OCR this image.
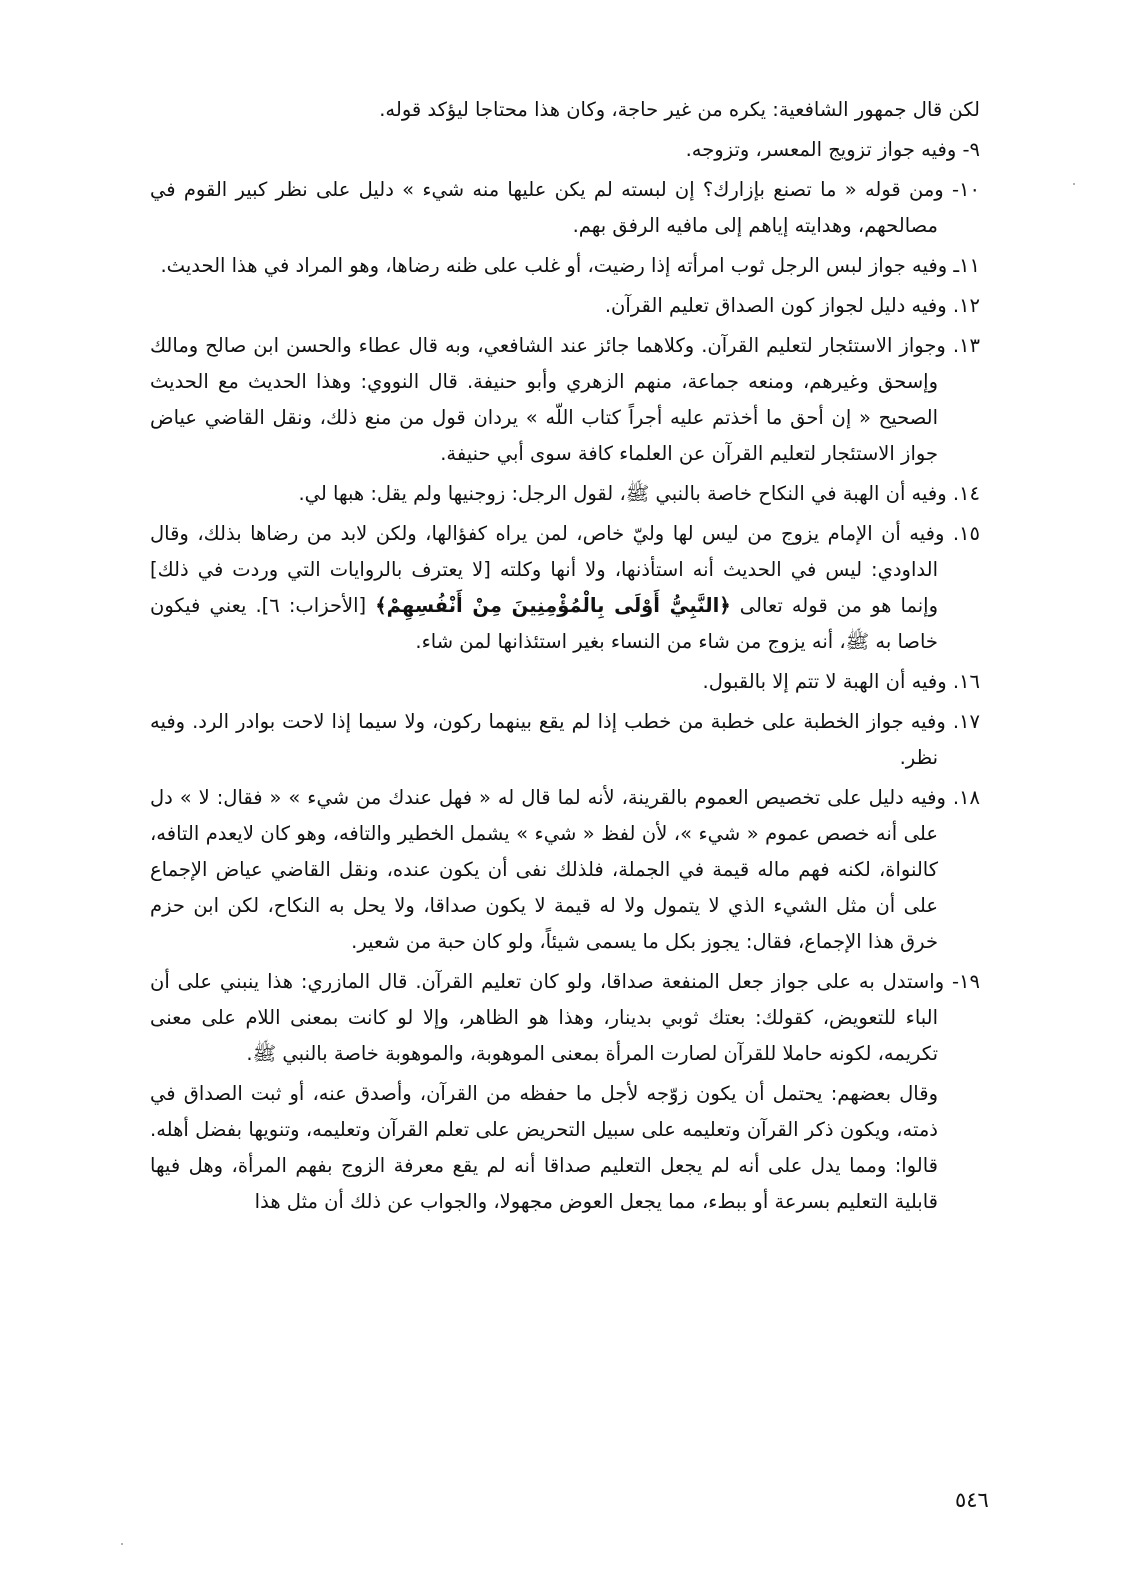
لكن قال جمهور الشافعية: يكره من غير حاجة، وكان هذا محتاجا ليؤكد قوله.

٩- وفيه جواز تزويج المعسر، وتزوجه.

١٠- ومن قوله « ما تصنع بإزارك؟ إن لبسته لم يكن عليها منه شيء » دليل على نظر كبير القوم في مصالحهم، وهدايته إياهم إلى مافيه الرفق بهم.

١١ـ وفيه جواز لبس الرجل ثوب امرأته إذا رضيت، أو غلب على ظنه رضاها، وهو المراد في هذا الحديث.

١٢. وفيه دليل لجواز كون الصداق تعليم القرآن.

١٣. وجواز الاستئجار لتعليم القرآن. وكلاهما جائز عند الشافعي، وبه قال عطاء والحسن ابن صالح ومالك وإسحق وغيرهم، ومنعه جماعة، منهم الزهري وأبو حنيفة. قال النووي: وهذا الحديث مع الحديث الصحيح « إن أحق ما أخذتم عليه أجراً كتاب اللّه » يردان قول من منع ذلك، ونقل القاضي عياض جواز الاستئجار لتعليم القرآن عن العلماء كافة سوى أبي حنيفة.

١٤. وفيه أن الهبة في النكاح خاصة بالنبي ﷺ، لقول الرجل: زوجنيها ولم يقل: هبها لي.

١٥. وفيه أن الإمام يزوج من ليس لها وليّ خاص، لمن يراه كفؤالها، ولكن لابد من رضاها بذلك، وقال الداودي: ليس في الحديث أنه استأذنها، ولا أنها وكلته [لا يعترف بالروايات التي وردت في ذلك] وإنما هو من قوله تعالى ﴿النَّبِيُّ أَوْلَى بِالْمُؤْمِنِينَ مِنْ أَنْفُسِهِمْ﴾ [الأحزاب: ٦]. يعني فيكون خاصا به ﷺ، أنه يزوج من شاء من النساء بغير استئذانها لمن شاء.

١٦. وفيه أن الهبة لا تتم إلا بالقبول.

١٧. وفيه جواز الخطبة على خطبة من خطب إذا لم يقع بينهما ركون، ولا سيما إذا لاحت بوادر الرد. وفيه نظر.

١٨. وفيه دليل على تخصيص العموم بالقرينة، لأنه لما قال له « فهل عندك من شيء » « فقال: لا » دل على أنه خصص عموم « شيء »، لأن لفظ « شيء » يشمل الخطير والتافه، وهو كان لايعدم التافه، كالنواة، لكنه فهم ماله قيمة في الجملة، فلذلك نفى أن يكون عنده، ونقل القاضي عياض الإجماع على أن مثل الشيء الذي لا يتمول ولا له قيمة لا يكون صداقا، ولا يحل به النكاح، لكن ابن حزم خرق هذا الإجماع، فقال: يجوز بكل ما يسمى شيئاً، ولو كان حبة من شعير.

١٩- واستدل به على جواز جعل المنفعة صداقا، ولو كان تعليم القرآن. قال المازري: هذا ينبني على أن الباء للتعويض، كقولك: بعتك ثوبي بدينار، وهذا هو الظاهر، وإلا لو كانت بمعنى اللام على معنى تكريمه، لكونه حاملا للقرآن لصارت المرأة بمعنى الموهوبة، والموهوبة خاصة بالنبي ﷺ.

وقال بعضهم: يحتمل أن يكون زوّجه لأجل ما حفظه من القرآن، وأصدق عنه، أو ثبت الصداق في ذمته، ويكون ذكر القرآن وتعليمه على سبيل التحريض على تعلم القرآن وتعليمه، وتنويها بفضل أهله. قالوا: ومما يدل على أنه لم يجعل التعليم صداقا أنه لم يقع معرفة الزوج بفهم المرأة، وهل فيها قابلية التعليم بسرعة أو ببطء، مما يجعل العوض مجهولا، والجواب عن ذلك أن مثل هذا

٥٤٦
